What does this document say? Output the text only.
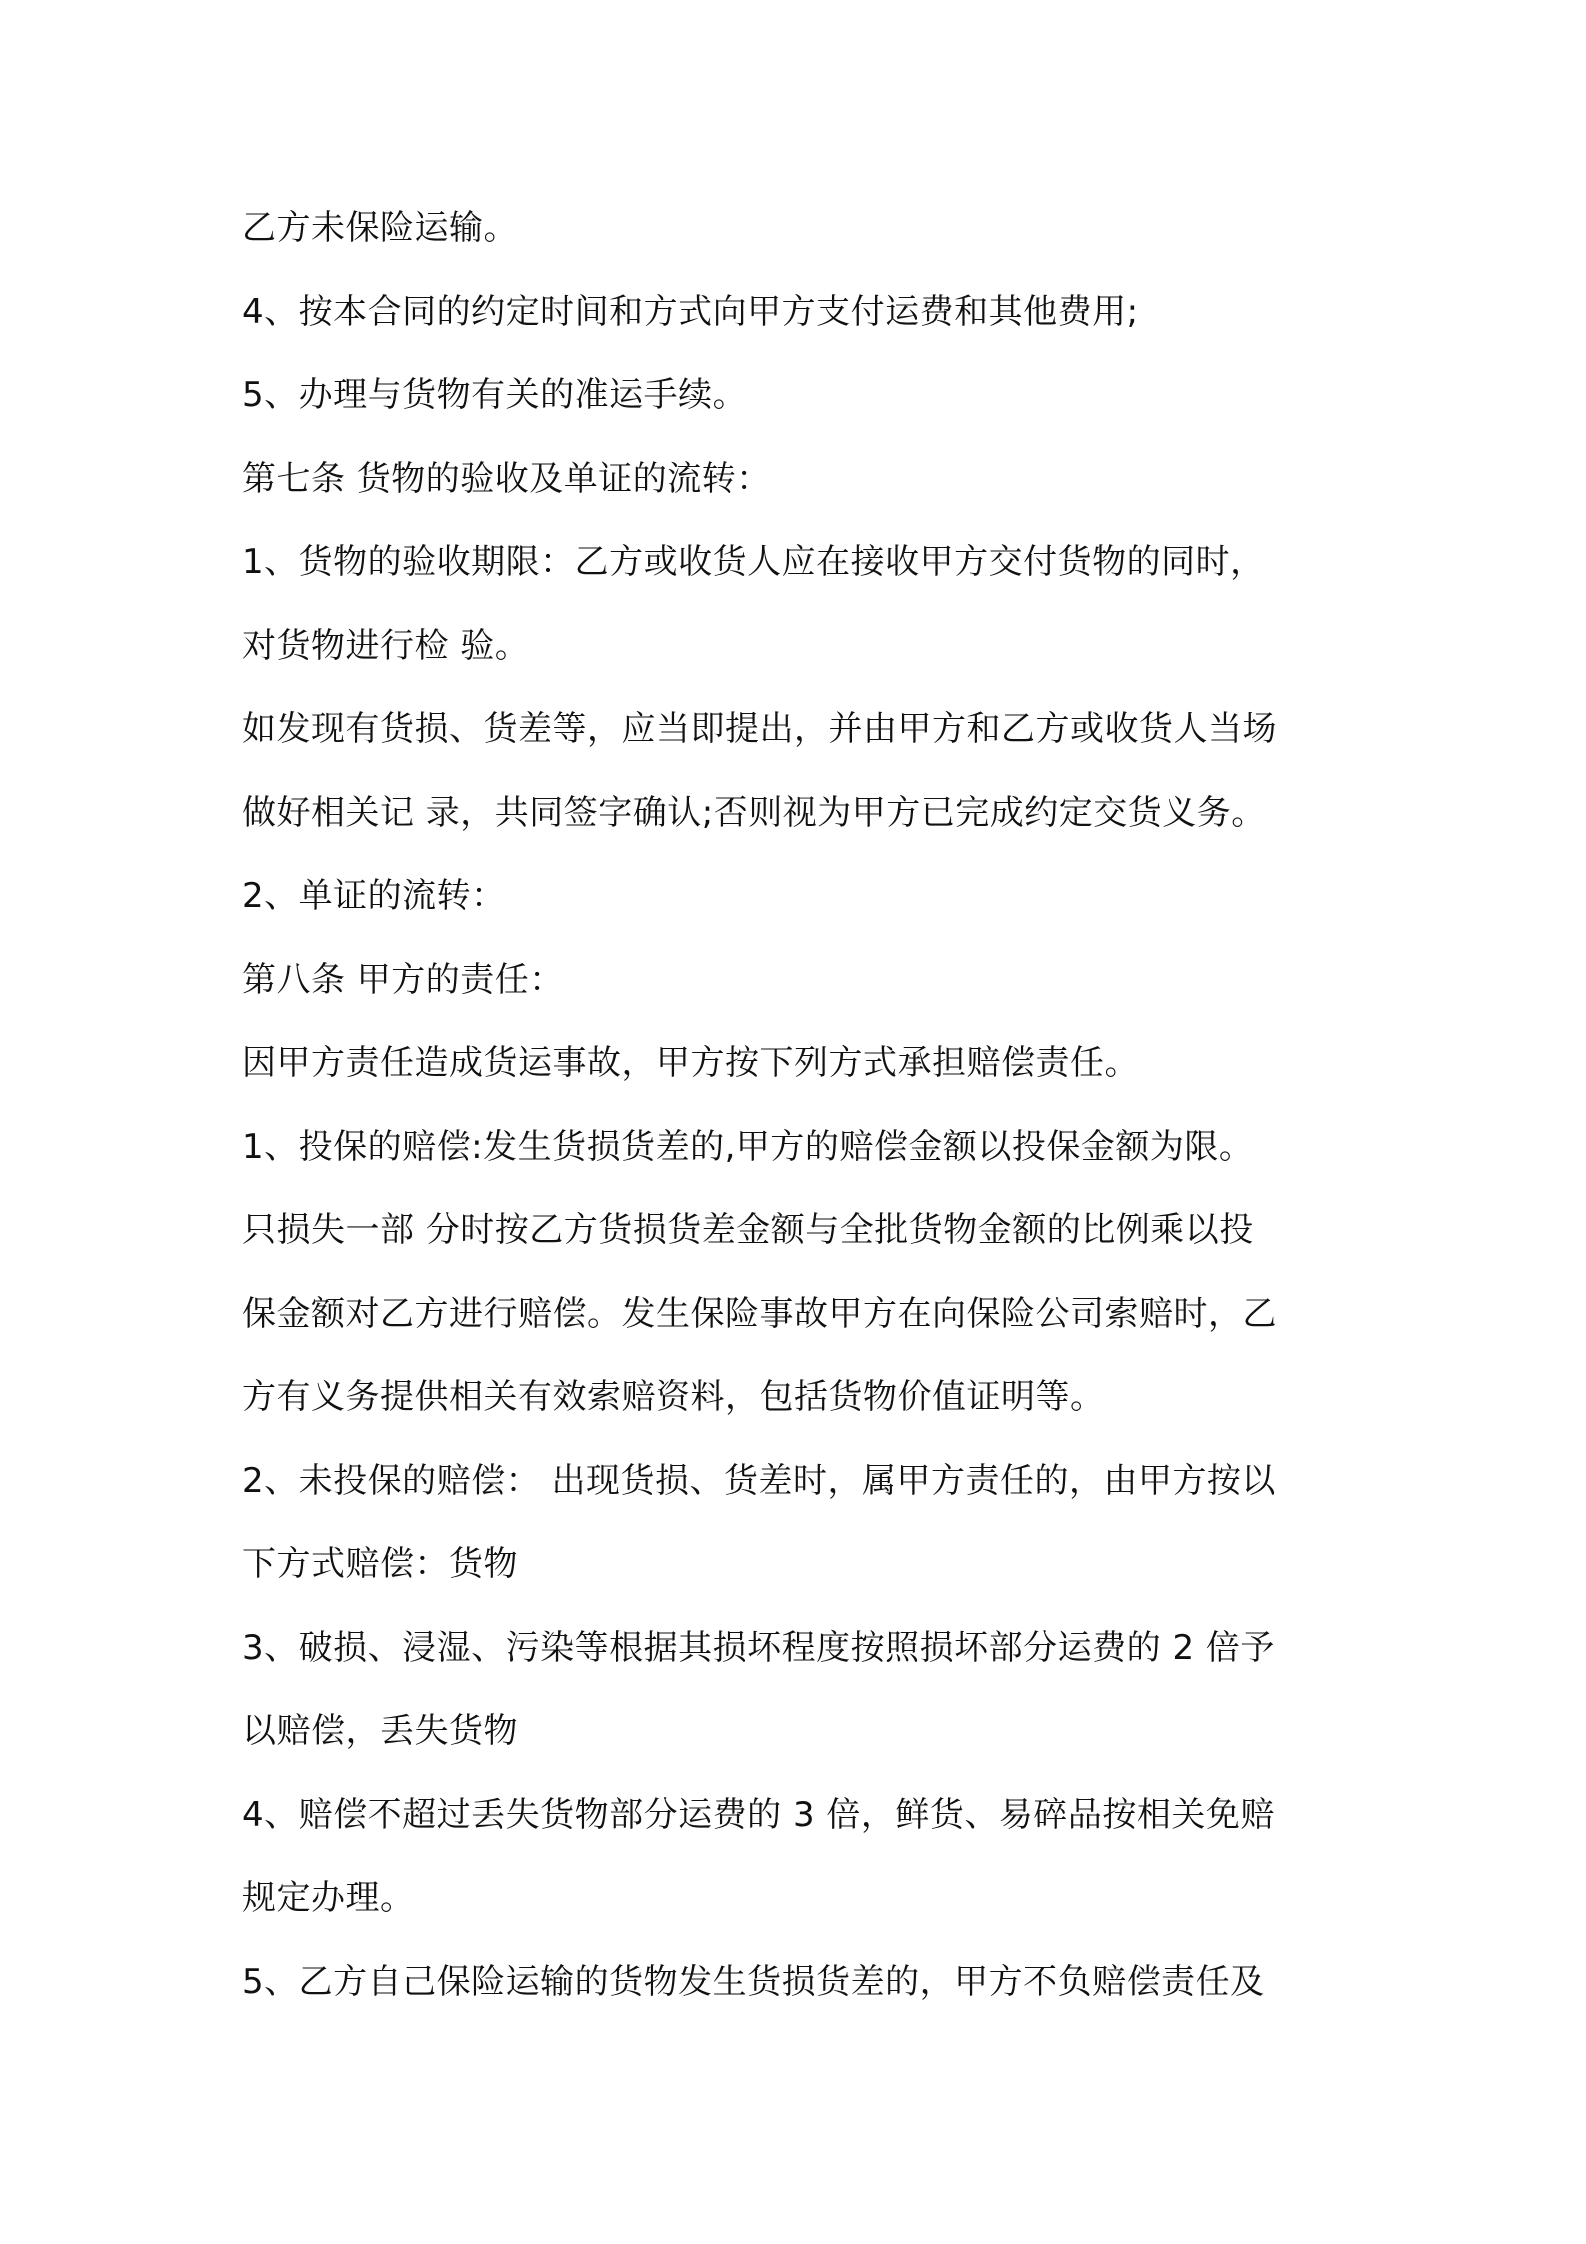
乙方未保险运输。

4、按本合同的约定时间和方式向甲方支付运费和其他费用;

5、办理与货物有关的准运手续。

第七条 货物的验收及单证的流转：

1、货物的验收期限：乙方或收货人应在接收甲方交付货物的同时，

对货物进行检 验。

如发现有货损、货差等，应当即提出，并由甲方和乙方或收货人当场

做好相关记 录，共同签字确认;否则视为甲方已完成约定交货义务。

2、单证的流转：

第八条 甲方的责任：

因甲方责任造成货运事故，甲方按下列方式承担赔偿责任。

1、投保的赔偿:发生货损货差的,甲方的赔偿金额以投保金额为限。

只损失一部 分时按乙方货损货差金额与全批货物金额的比例乘以投

保金额对乙方进行赔偿。发生保险事故甲方在向保险公司索赔时，乙

方有义务提供相关有效索赔资料，包括货物价值证明等。

2、未投保的赔偿： 出现货损、货差时，属甲方责任的，由甲方按以

下方式赔偿：货物

3、破损、浸湿、污染等根据其损坏程度按照损坏部分运费的 2 倍予

以赔偿，丢失货物

4、赔偿不超过丢失货物部分运费的 3 倍，鲜货、易碎品按相关免赔

规定办理。

5、乙方自己保险运输的货物发生货损货差的，甲方不负赔偿责任及
